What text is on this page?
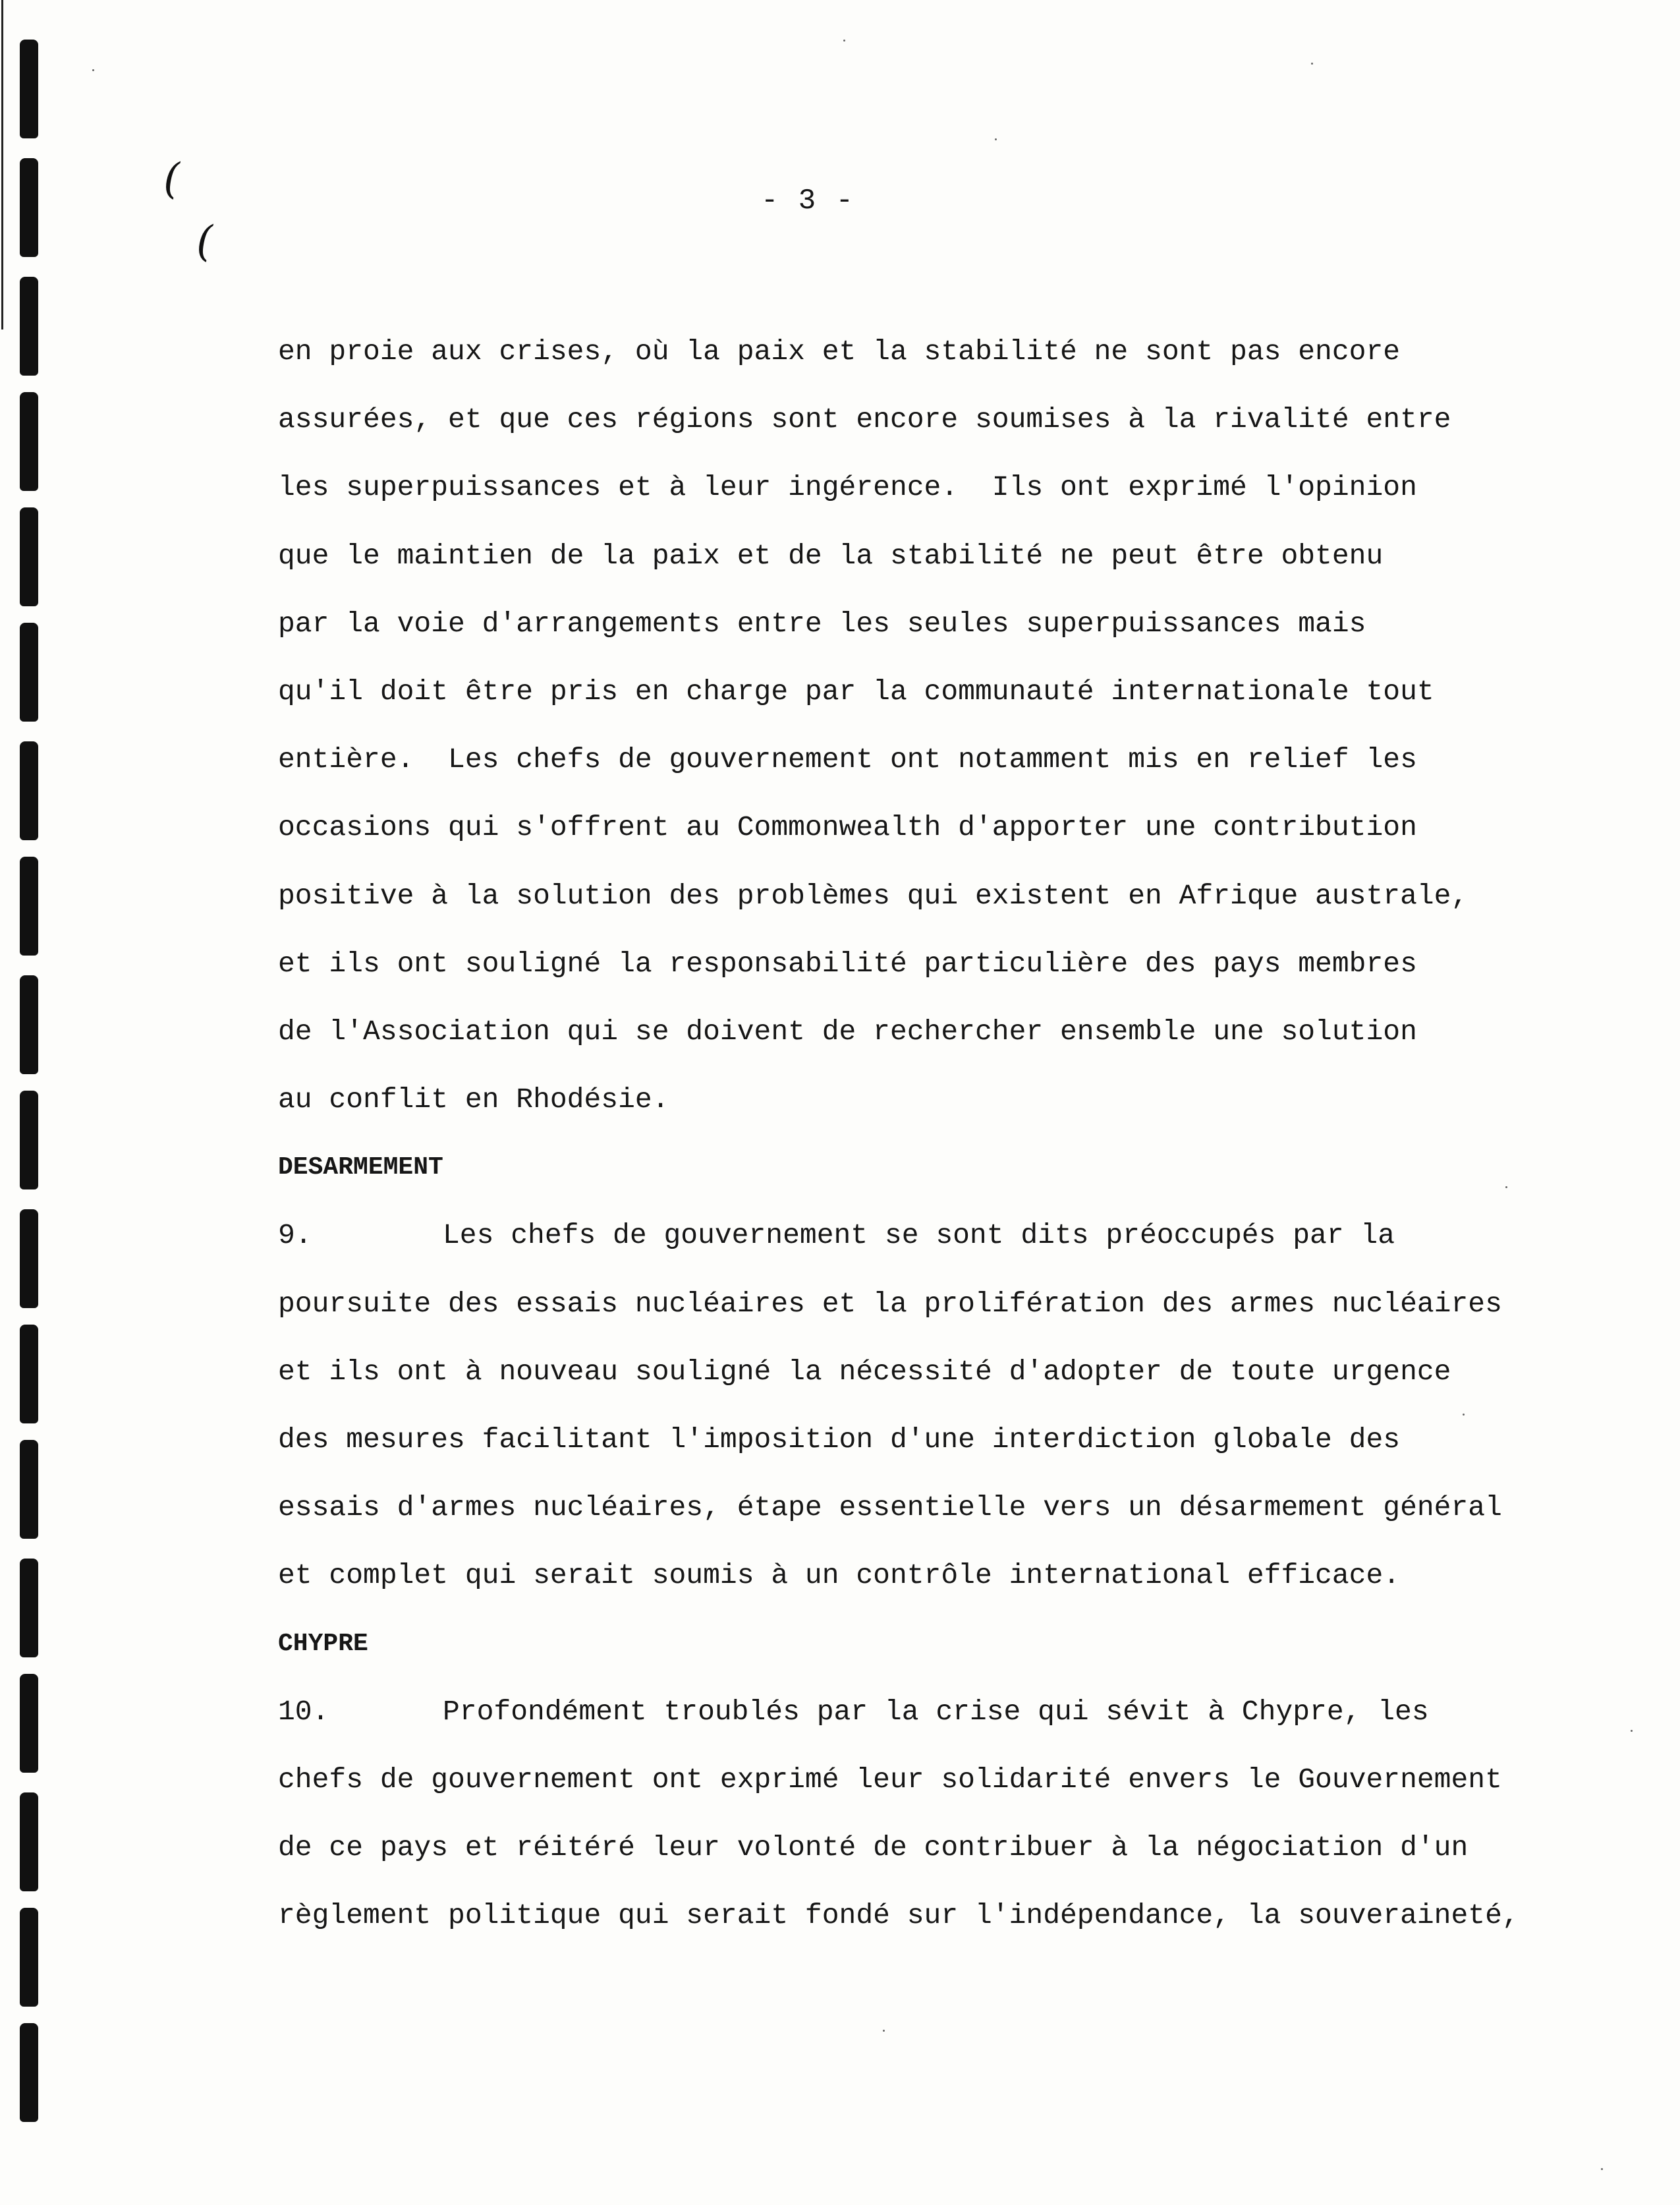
(
(
- 3 -
en proie aux crises, où la paix et la stabilité ne sont pas encore
assurées, et que ces régions sont encore soumises à la rivalité entre
les superpuissances et à leur ingérence.  Ils ont exprimé l'opinion
que le maintien de la paix et de la stabilité ne peut être obtenu
par la voie d'arrangements entre les seules superpuissances mais
qu'il doit être pris en charge par la communauté internationale tout
entière.  Les chefs de gouvernement ont notamment mis en relief les
occasions qui s'offrent au Commonwealth d'apporter une contribution
positive à la solution des problèmes qui existent en Afrique australe,
et ils ont souligné la responsabilité particulière des pays membres
de l'Association qui se doivent de rechercher ensemble une solution
au conflit en Rhodésie.
DESARMEMENT
9.	Les chefs de gouvernement se sont dits préoccupés par la
poursuite des essais nucléaires et la prolifération des armes nucléaires
et ils ont à nouveau souligné la nécessité d'adopter de toute urgence
des mesures facilitant l'imposition d'une interdiction globale des
essais d'armes nucléaires, étape essentielle vers un désarmement général
et complet qui serait soumis à un contrôle international efficace.
CHYPRE
10.	Profondément troublés par la crise qui sévit à Chypre, les
chefs de gouvernement ont exprimé leur solidarité envers le Gouvernement
de ce pays et réitéré leur volonté de contribuer à la négociation d'un
règlement politique qui serait fondé sur l'indépendance, la souveraineté,
